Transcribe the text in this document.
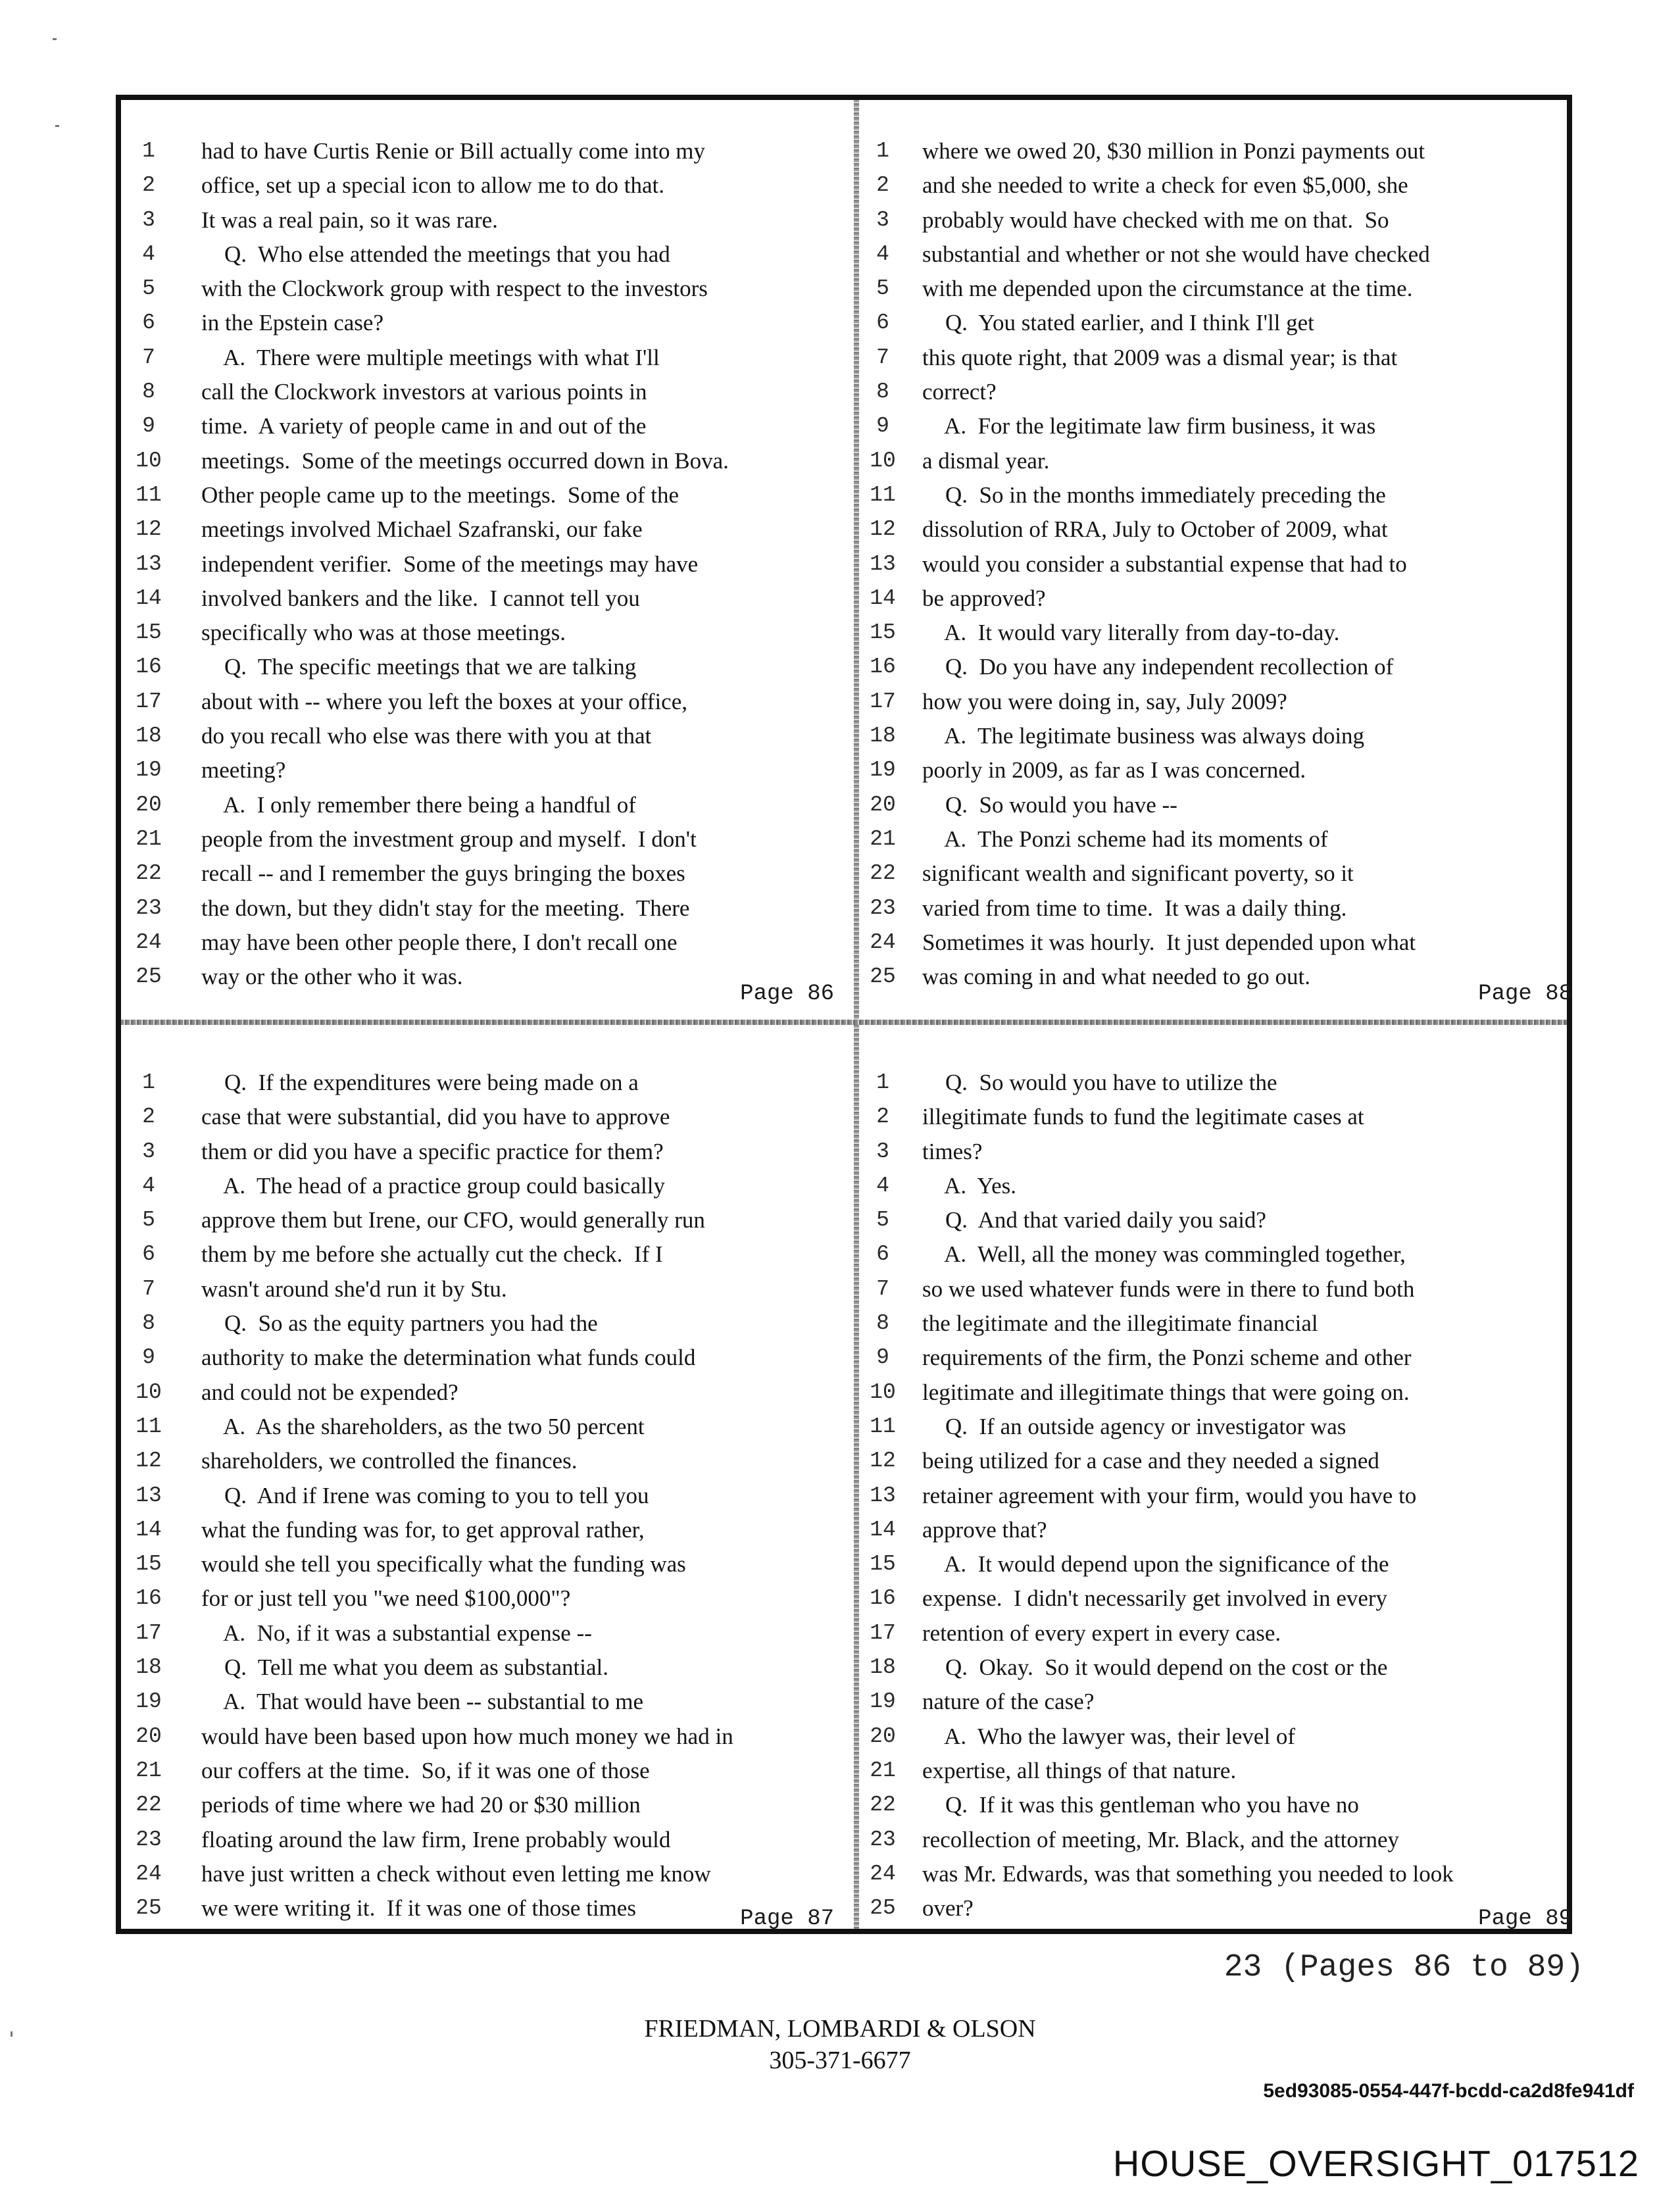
1	had to have Curtis Renie or Bill actually come into my
2	office, set up a special icon to allow me to do that.
3	It was a real pain, so it was rare.
4	Q.  Who else attended the meetings that you had
5	with the Clockwork group with respect to the investors
6	in the Epstein case?
7	A.  There were multiple meetings with what I'll
8	call the Clockwork investors at various points in
9	time.  A variety of people came in and out of the
10	meetings.  Some of the meetings occurred down in Bova.
11	Other people came up to the meetings.  Some of the
12	meetings involved Michael Szafranski, our fake
13	independent verifier.  Some of the meetings may have
14	involved bankers and the like.  I cannot tell you
15	specifically who was at those meetings.
16	Q.  The specific meetings that we are talking
17	about with -- where you left the boxes at your office,
18	do you recall who else was there with you at that
19	meeting?
20	A.  I only remember there being a handful of
21	people from the investment group and myself.  I don't
22	recall -- and I remember the guys bringing the boxes
23	the down, but they didn't stay for the meeting.  There
24	may have been other people there, I don't recall one
25	way or the other who it was.
Page 86
1	where we owed 20, $30 million in Ponzi payments out
2	and she needed to write a check for even $5,000, she
3	probably would have checked with me on that.  So
4	substantial and whether or not she would have checked
5	with me depended upon the circumstance at the time.
6	Q.  You stated earlier, and I think I'll get
7	this quote right, that 2009 was a dismal year; is that
8	correct?
9	A.  For the legitimate law firm business, it was
10	a dismal year.
11	Q.  So in the months immediately preceding the
12	dissolution of RRA, July to October of 2009, what
13	would you consider a substantial expense that had to
14	be approved?
15	A.  It would vary literally from day-to-day.
16	Q.  Do you have any independent recollection of
17	how you were doing in, say, July 2009?
18	A.  The legitimate business was always doing
19	poorly in 2009, as far as I was concerned.
20	Q.  So would you have --
21	A.  The Ponzi scheme had its moments of
22	significant wealth and significant poverty, so it
23	varied from time to time.  It was a daily thing.
24	Sometimes it was hourly.  It just depended upon what
25	was coming in and what needed to go out.
Page 88
1	Q.  If the expenditures were being made on a
2	case that were substantial, did you have to approve
3	them or did you have a specific practice for them?
4	A.  The head of a practice group could basically
5	approve them but Irene, our CFO, would generally run
6	them by me before she actually cut the check.  If I
7	wasn't around she'd run it by Stu.
8	Q.  So as the equity partners you had the
9	authority to make the determination what funds could
10	and could not be expended?
11	A.  As the shareholders, as the two 50 percent
12	shareholders, we controlled the finances.
13	Q.  And if Irene was coming to you to tell you
14	what the funding was for, to get approval rather,
15	would she tell you specifically what the funding was
16	for or just tell you "we need $100,000"?
17	A.  No, if it was a substantial expense --
18	Q.  Tell me what you deem as substantial.
19	A.  That would have been -- substantial to me
20	would have been based upon how much money we had in
21	our coffers at the time.  So, if it was one of those
22	periods of time where we had 20 or $30 million
23	floating around the law firm, Irene probably would
24	have just written a check without even letting me know
25	we were writing it.  If it was one of those times	Page 87
1	Q.  So would you have to utilize the
2	illegitimate funds to fund the legitimate cases at
3	times?
4	A.  Yes.
5	Q.  And that varied daily you said?
6	A.  Well, all the money was commingled together,
7	so we used whatever funds were in there to fund both
8	the legitimate and the illegitimate financial
9	requirements of the firm, the Ponzi scheme and other
10	legitimate and illegitimate things that were going on.
11	Q.  If an outside agency or investigator was
12	being utilized for a case and they needed a signed
13	retainer agreement with your firm, would you have to
14	approve that?
15	A.  It would depend upon the significance of the
16	expense.  I didn't necessarily get involved in every
17	retention of every expert in every case.
18	Q.  Okay.  So it would depend on the cost or the
19	nature of the case?
20	A.  Who the lawyer was, their level of
21	expertise, all things of that nature.
22	Q.  If it was this gentleman who you have no
23	recollection of meeting, Mr. Black, and the attorney
24	was Mr. Edwards, was that something you needed to look
25	over?	Page 89
23 (Pages 86 to 89)
FRIEDMAN, LOMBARDI & OLSON
305-371-6677
5ed93085-0554-447f-bcdd-ca2d8fe941df
HOUSE_OVERSIGHT_017512
